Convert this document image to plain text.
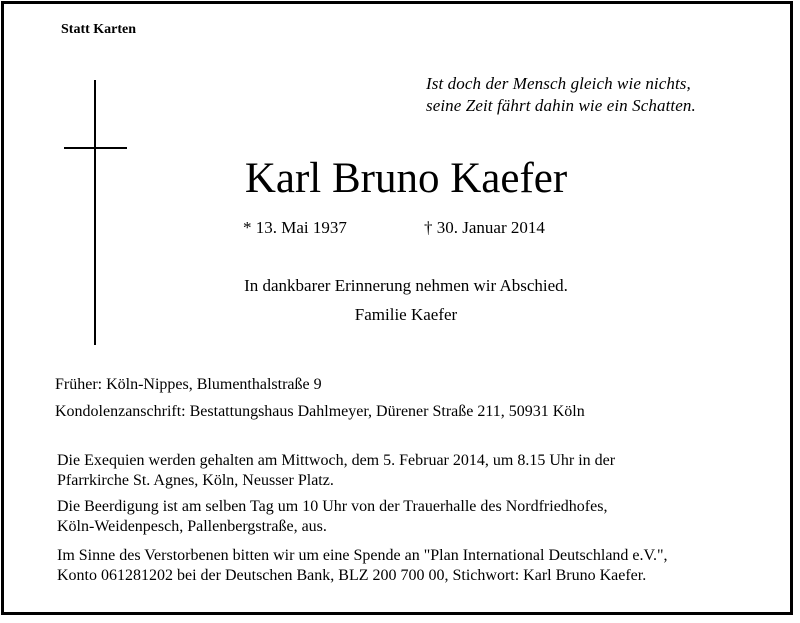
Statt Karten
Ist doch der Mensch gleich wie nichts,
seine Zeit fährt dahin wie ein Schatten.
Karl Bruno Kaefer
* 13. Mai 1937	† 30. Januar 2014
In dankbarer Erinnerung nehmen wir Abschied.
Familie Kaefer
Früher: Köln-Nippes, Blumenthalstraße 9
Kondolenzanschrift: Bestattungshaus Dahlmeyer, Dürener Straße 211, 50931 Köln
Die Exequien werden gehalten am Mittwoch, dem 5. Februar 2014, um 8.15 Uhr in der
Pfarrkirche St. Agnes, Köln, Neusser Platz.
Die Beerdigung ist am selben Tag um 10 Uhr von der Trauerhalle des Nordfriedhofes,
Köln-Weidenpesch, Pallenbergstraße, aus.
Im Sinne des Verstorbenen bitten wir um eine Spende an "Plan International Deutschland e.V.",
Konto 061281202 bei der Deutschen Bank, BLZ 200 700 00, Stichwort: Karl Bruno Kaefer.
